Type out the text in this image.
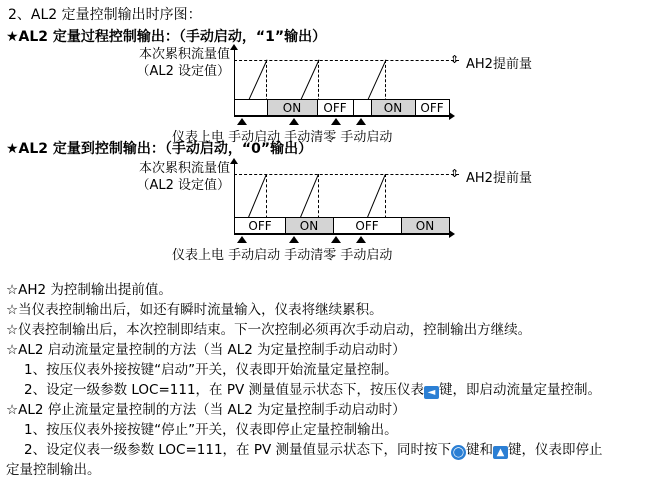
2、AL2 定量控制输出时序图：
★AL2 定量过程控制输出：（手动启动，“1”输出）
本次累积流量值
（AL2 设定值）
⇕ AH2提前量
ON	OFF	ON	OFF
仪表上电 手动启动 手动清零 手动启动
★AL2 定量到控制输出：（手动启动，“0”输出）
本次累积流量值
（AL2 设定值）
⇕ AH2提前量
OFF	ON	OFF	ON
仪表上电 手动启动 手动清零 手动启动
☆AH2 为控制输出提前值。
☆当仪表控制输出后，如还有瞬时流量输入，仪表将继续累积。
☆仪表控制输出后，本次控制即结束。下一次控制必须再次手动启动，控制输出方继续。
☆AL2 启动流量定量控制的方法（当 AL2 为定量控制手动启动时）
1、按压仪表外接按键“启动”开关，仪表即开始流量定量控制。
2、设定一级参数 LOC=111，在 PV 测量值显示状态下，按压仪表 ◄ 键，即启动流量定量控制。
☆AL2 停止流量定量控制的方法（当 AL2 为定量控制手动启动时）
1、按压仪表外接按键“停止”开关，仪表即停止定量控制输出。
2、设定仪表一级参数 LOC=111，在 PV 测量值显示状态下，同时按下 ◯ 键和 ▲ 键，仪表即停止
定量控制输出。
